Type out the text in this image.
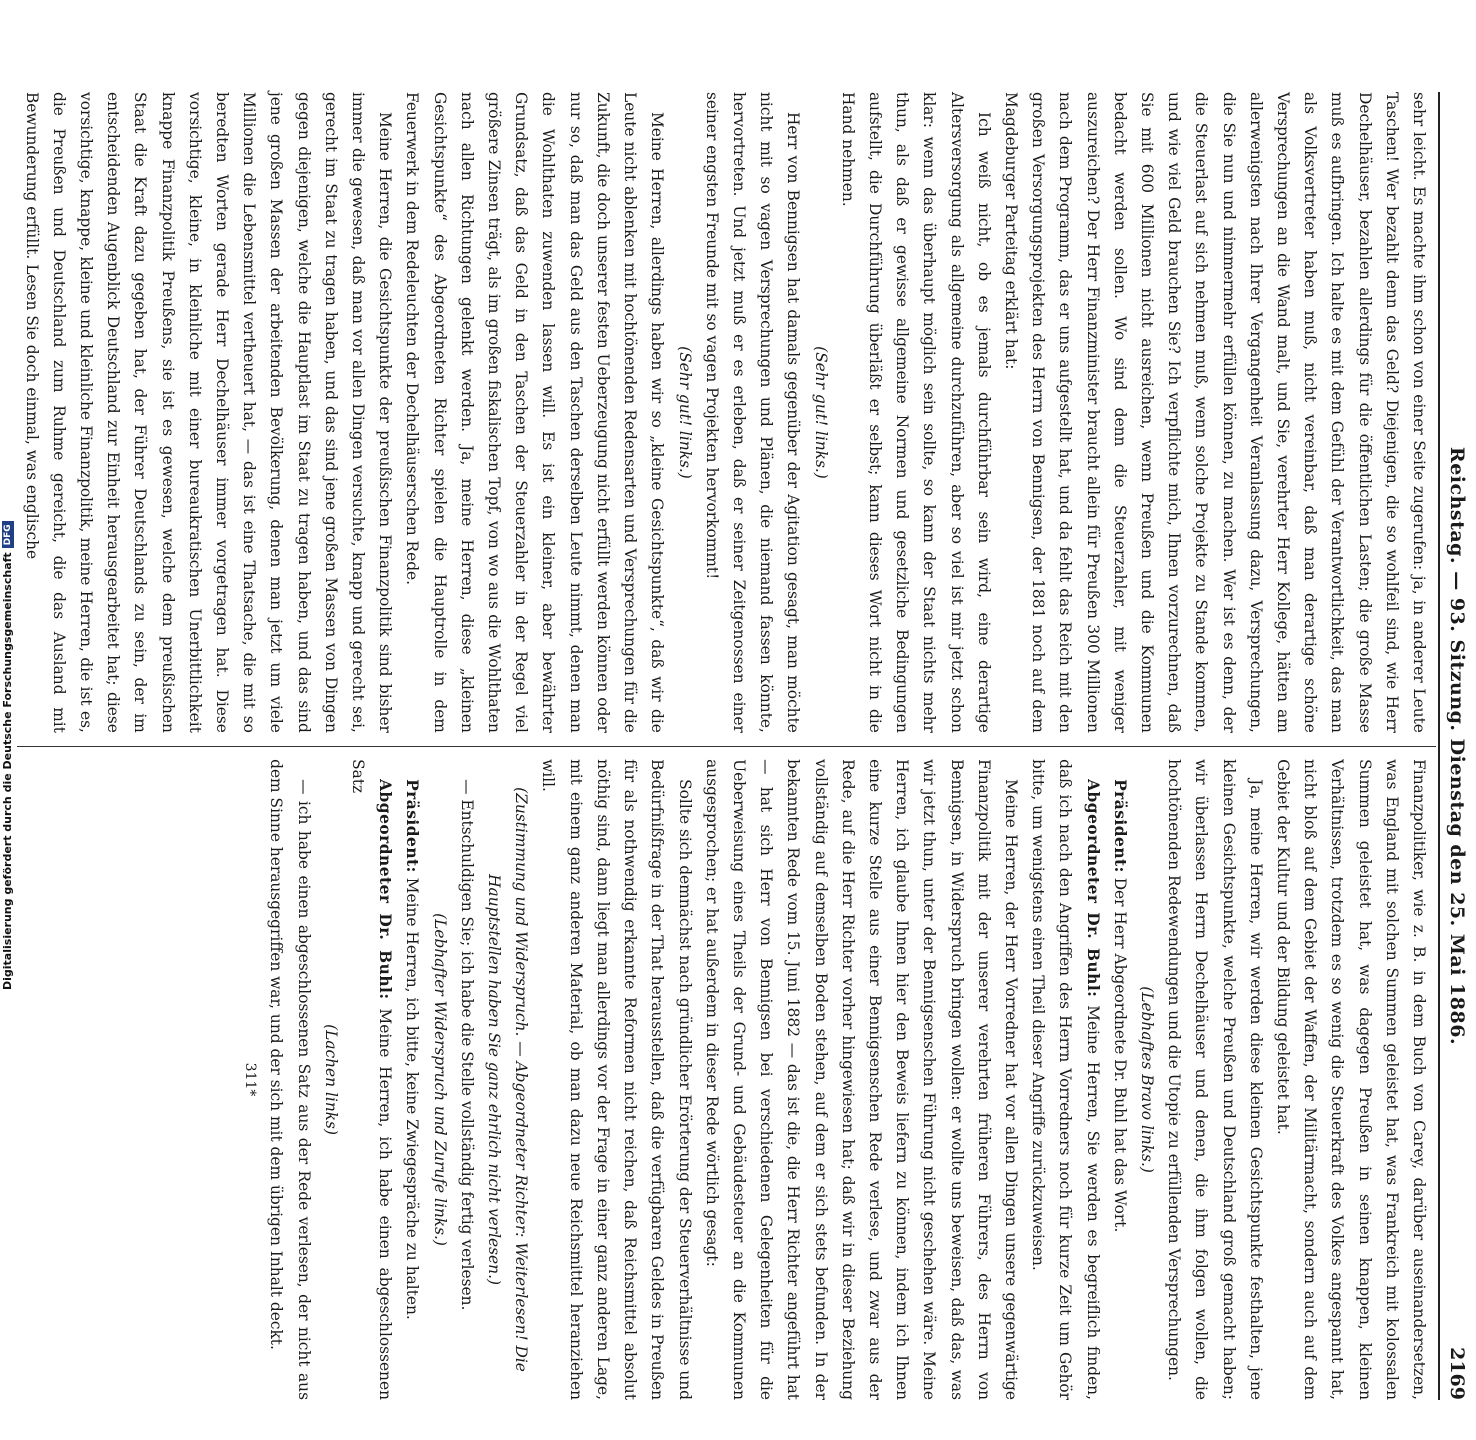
Digitalisierung gefördert durch die Deutsche Forschungsgemeinschaft
DFG	Reichstag. — 93. Sitzung. Dienstag den 25. Mai 1886.
2169

sehr leicht. Es machte ihm schon von einer Seite zugerufen: ja, in anderer Leute Taschen! Wer bezahlt denn das Geld? Diejenigen, die so wohlfeil sind, wie Herr Dechelhäuser, bezahlen allerdings für die öffentlichen Lasten; die große Masse muß es aufbringen. Ich halte es mit dem Gefühl der Verantwortlichkeit, das man als Volksvertreter haben muß, nicht vereinbar, daß man derartige schöne Versprechungen an die Wand malt, und Sie, verehrter Herr Kollege, hätten am allerwenigsten nach Ihrer Vergangenheit Veranlassung dazu, Versprechungen, die Sie nun und nimmermehr erfüllen können, zu machen. Wer ist es denn, der die Steuerlast auf sich nehmen muß, wenn solche Projekte zu Stande kommen, und wie viel Geld brauchen Sie? Ich verpflichte mich, Ihnen vorzurechnen, daß Sie mit 600 Millionen nicht ausreichen, wenn Preußen und die Kommunen bedacht werden sollen. Wo sind denn die Steuerzahler, mit weniger auszureichen? Der Herr Finanzminister braucht allein für Preußen 300 Millionen nach dem Programm, das er uns aufgestellt hat, und da fehlt das Reich mit den großen Versorgungsprojekten des Herrn von Bennigsen, der 1881 noch auf dem Magdeburger Parteitag erklärt hat:

Ich weiß nicht, ob es jemals durchführbar sein wird, eine derartige Altersversorgung als allgemeine durchzuführen, aber so viel ist mir jetzt schon klar: wenn das überhaupt möglich sein sollte, so kann der Staat nichts mehr thun, als daß er gewisse allgemeine Normen und gesetzliche Bedingungen aufstellt, die Durchführung überläßt er selbst; kann dieses Wort nicht in die Hand nehmen.

(Sehr gut! links.)

Herr von Bennigsen hat damals gegenüber der Agitation gesagt, man möchte nicht mit so vagen Versprechungen und Plänen, die niemand fassen könnte, hervortreten. Und jetzt muß er es erleben, daß er seiner Zeitgenossen einer seiner engsten Freunde mit so vagen Projekten hervorkommt!

(Sehr gut! links.)

Meine Herren, allerdings haben wir so „kleine Gesichtspunkte“, daß wir die Leute nicht ablenken mit hochtönenden Redensarten und Versprechungen für die Zukunft, die doch unserer festen Ueberzeugung nicht erfüllt werden können oder nur so, daß man das Geld aus den Taschen derselben Leute nimmt, denen man die Wohlthaten zuwenden lassen will. Es ist ein kleiner, aber bewährter Grundsatz, daß das Geld in den Taschen der Steuerzahler in der Regel viel größere Zinsen trägt, als im großen fiskalischen Topf, von wo aus die Wohlthaten nach allen Richtungen gelenkt werden. Ja, meine Herren, diese „kleinen Gesichtspunkte“ des Abgeordneten Richter spielen die Hauptrolle in dem Feuerwerk in dem Redeleuchten der Dechelhäuserschen Rede.

Meine Herren, die Gesichtspunkte der preußischen Finanzpolitik sind bisher immer die gewesen, daß man vor allen Dingen versuchte, knapp und gerecht sei, gerecht im Staat zu tragen haben, und das sind jene großen Massen von Dingen gegen diejenigen, welche die Hauptlast im Staat zu tragen haben, und das sind jene großen Massen der arbeitenden Bevölkerung, denen man jetzt um viele Millionen die Lebensmittel vertheuert hat, — das ist eine Thatsache, die mit so beredten Worten gerade Herr Dechelhäuser immer vorgetragen hat. Diese vorsichtige, kleine, in kleinliche mit einer bureaukratischen Unerbittlichkeit knappe Finanzpolitik Preußens, sie ist es gewesen, welche dem preußischen Staat die Kraft dazu gegeben hat, der Führer Deutschlands zu sein, der im entscheidenden Augenblick Deutschland zur Einheit herausgearbeitet hat; diese vorsichtige, knappe, kleine und kleinliche Finanzpolitik, meine Herren, die ist es, die Preußen und Deutschland zum Ruhme gereicht, die das Ausland mit Bewunderung erfüllt. Lesen Sie doch einmal, was englische

Finanzpolitiker, wie z. B. in dem Buch von Carey, darüber auseinandersetzen, was England mit solchen Summen geleistet hat, was Frankreich mit kolossalen Summen geleistet hat, was dagegen Preußen in seinen knappen, kleinen Verhältnissen, trotzdem es so wenig die Steuerkraft des Volkes angespannt hat, nicht bloß auf dem Gebiet der Waffen, der Militärmacht, sondern auch auf dem Gebiet der Kultur und der Bildung geleistet hat.

Ja, meine Herren, wir werden diese kleinen Gesichtspunkte festhalten, jene kleinen Gesichtspunkte, welche Preußen und Deutschland groß gemacht haben; wir überlassen Herrn Dechelhäuser und denen, die ihm folgen wollen, die hochtönenden Redewendungen und die Utopie zu erfüllenden Versprechungen.

(Lebhaftes Bravo links.)

Präsident: Der Herr Abgeordnete Dr. Buhl hat das Wort.

Abgeordneter Dr. Buhl: Meine Herren, Sie werden es begreiflich finden, daß ich nach den Angriffen des Herrn Vorredners noch für kurze Zeit um Gehör bitte, um wenigstens einen Theil dieser Angriffe zurückzuweisen.

Meine Herren, der Herr Vorredner hat vor allen Dingen unsere gegenwärtige Finanzpolitik mit der unserer verehrten früheren Führers, des Herrn von Bennigsen, in Widerspruch bringen wollen: er wollte uns beweisen, daß das, was wir jetzt thun, unter der Bennigsenschen Führung nicht geschehen wäre. Meine Herren, ich glaube Ihnen hier den Beweis liefern zu können, indem ich Ihnen eine kurze Stelle aus einer Bennigsenschen Rede verlese, und zwar aus der Rede, auf die Herr Richter vorher hingewiesen hat; daß wir in dieser Beziehung vollständig auf demselben Boden stehen, auf dem er sich stets befunden. In der bekannten Rede vom 15. Juni 1882 — das ist die, die Herr Richter angeführt hat — hat sich Herr von Bennigsen bei verschiedenen Gelegenheiten für die Ueberweisung eines Theils der Grund- und Gebäudesteuer an die Kommunen ausgesprochen; er hat außerdem in dieser Rede wörtlich gesagt:

Sollte sich demnächst nach gründlicher Erörterung der Steuerverhältnisse und Bedürfnißfrage in der That herausstellen, daß die verfügbaren Geldes in Preußen für als nothwendig erkannte Reformen nicht reichen, daß Reichsmittel absolut nöthig sind, dann liegt man allerdings vor der Frage in einer ganz anderen Lage, mit einem ganz anderen Material, ob man dazu neue Reichsmittel heranziehen will.

(Zustimmung und Widerspruch. — Abgeordneter Richter: Weiterlesen! Die Hauptstellen haben Sie ganz ehrlich nicht verlesen.)

— Entschuldigen Sie; ich habe die Stelle vollständig fertig verlesen.

(Lebhafter Widerspruch und Zurufe links.)

Präsident: Meine Herren, ich bitte, keine Zwiegespräche zu halten.

Abgeordneter Dr. Buhl: Meine Herren, ich habe einen abgeschlossenen Satz

(Lachen links)

— ich habe einen abgeschlossenen Satz aus der Rede verlesen, der nicht aus dem Sinne herausgegriffen war, und der sich mit dem übrigen Inhalt deckt.

311*
